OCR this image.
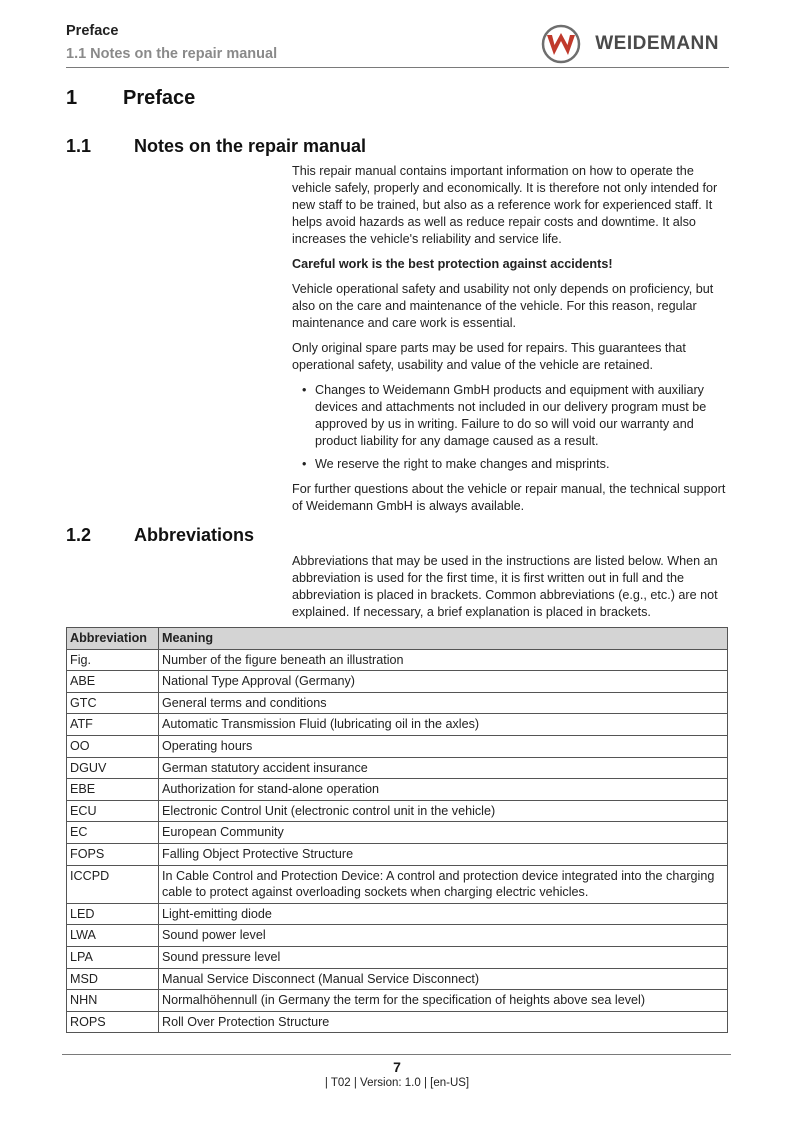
Preface
1.1 Notes on the repair manual	WEIDEMANN
1 Preface
1.1 Notes on the repair manual

This repair manual contains important information on how to operate the vehicle safely, properly and economically. It is therefore not only intended for new staff to be trained, but also as a reference work for experienced staff. It helps avoid hazards as well as reduce repair costs and downtime. It also increases the vehicle's reliability and service life.

Careful work is the best protection against accidents!

Vehicle operational safety and usability not only depends on proficiency, but also on the care and maintenance of the vehicle. For this reason, regular maintenance and care work is essential.

Only original spare parts may be used for repairs. This guarantees that operational safety, usability and value of the vehicle are retained.

• Changes to Weidemann GmbH products and equipment with auxiliary devices and attachments not included in our delivery program must be approved by us in writing. Failure to do so will void our warranty and product liability for any damage caused as a result.
• We reserve the right to make changes and misprints.

For further questions about the vehicle or repair manual, the technical support of Weidemann GmbH is always available.

1.2 Abbreviations

Abbreviations that may be used in the instructions are listed below. When an abbreviation is used for the first time, it is first written out in full and the abbreviation is placed in brackets. Common abbreviations (e.g., etc.) are not explained. If necessary, a brief explanation is placed in brackets.

Abbreviation	Meaning
Fig.	Number of the figure beneath an illustration
ABE	National Type Approval (Germany)
GTC	General terms and conditions
ATF	Automatic Transmission Fluid (lubricating oil in the axles)
OO	Operating hours
DGUV	German statutory accident insurance
EBE	Authorization for stand-alone operation
ECU	Electronic Control Unit (electronic control unit in the vehicle)
EC	European Community
FOPS	Falling Object Protective Structure
ICCPD	In Cable Control and Protection Device: A control and protection device integrated into the charging cable to protect against overloading sockets when charging electric vehicles.
LED	Light-emitting diode
LWA	Sound power level
LPA	Sound pressure level
MSD	Manual Service Disconnect (Manual Service Disconnect)
NHN	Normalhöhennull (in Germany the term for the specification of heights above sea level)
ROPS	Roll Over Protection Structure
7
| T02 | Version: 1.0 | [en-US]
